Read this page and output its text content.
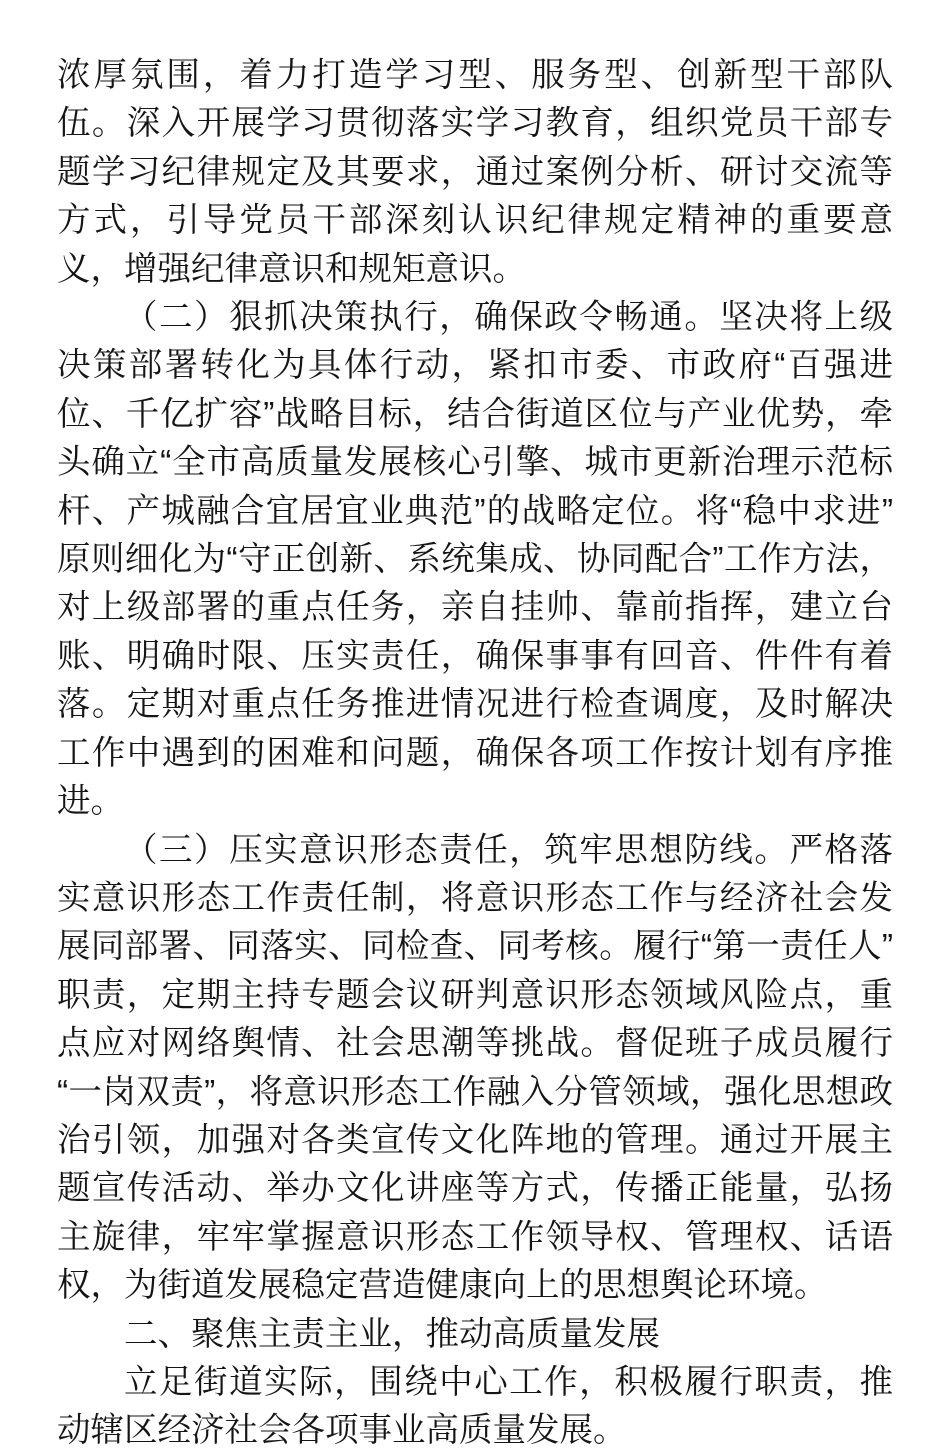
浓厚氛围，着力打造学习型、服务型、创新型干部队伍。深入开展学习贯彻落实学习教育，组织党员干部专题学习纪律规定及其要求，通过案例分析、研讨交流等方式，引导党员干部深刻认识纪律规定精神的重要意义，增强纪律意识和规矩意识。

（二）狠抓决策执行，确保政令畅通。坚决将上级决策部署转化为具体行动，紧扣市委、市政府“百强进位、千亿扩容”战略目标，结合街道区位与产业优势，牵头确立“全市高质量发展核心引擎、城市更新治理示范标杆、产城融合宜居宜业典范”的战略定位。将“稳中求进”原则细化为“守正创新、系统集成、协同配合”工作方法，对上级部署的重点任务，亲自挂帅、靠前指挥，建立台账、明确时限、压实责任，确保事事有回音、件件有着落。定期对重点任务推进情况进行检查调度，及时解决工作中遇到的困难和问题，确保各项工作按计划有序推进。

（三）压实意识形态责任，筑牢思想防线。严格落实意识形态工作责任制，将意识形态工作与经济社会发展同部署、同落实、同检查、同考核。履行“第一责任人”职责，定期主持专题会议研判意识形态领域风险点，重点应对网络舆情、社会思潮等挑战。督促班子成员履行“一岗双责”，将意识形态工作融入分管领域，强化思想政治引领，加强对各类宣传文化阵地的管理。通过开展主题宣传活动、举办文化讲座等方式，传播正能量，弘扬主旋律，牢牢掌握意识形态工作领导权、管理权、话语权，为街道发展稳定营造健康向上的思想舆论环境。

二、聚焦主责主业，推动高质量发展

立足街道实际，围绕中心工作，积极履行职责，推动辖区经济社会各项事业高质量发展。
